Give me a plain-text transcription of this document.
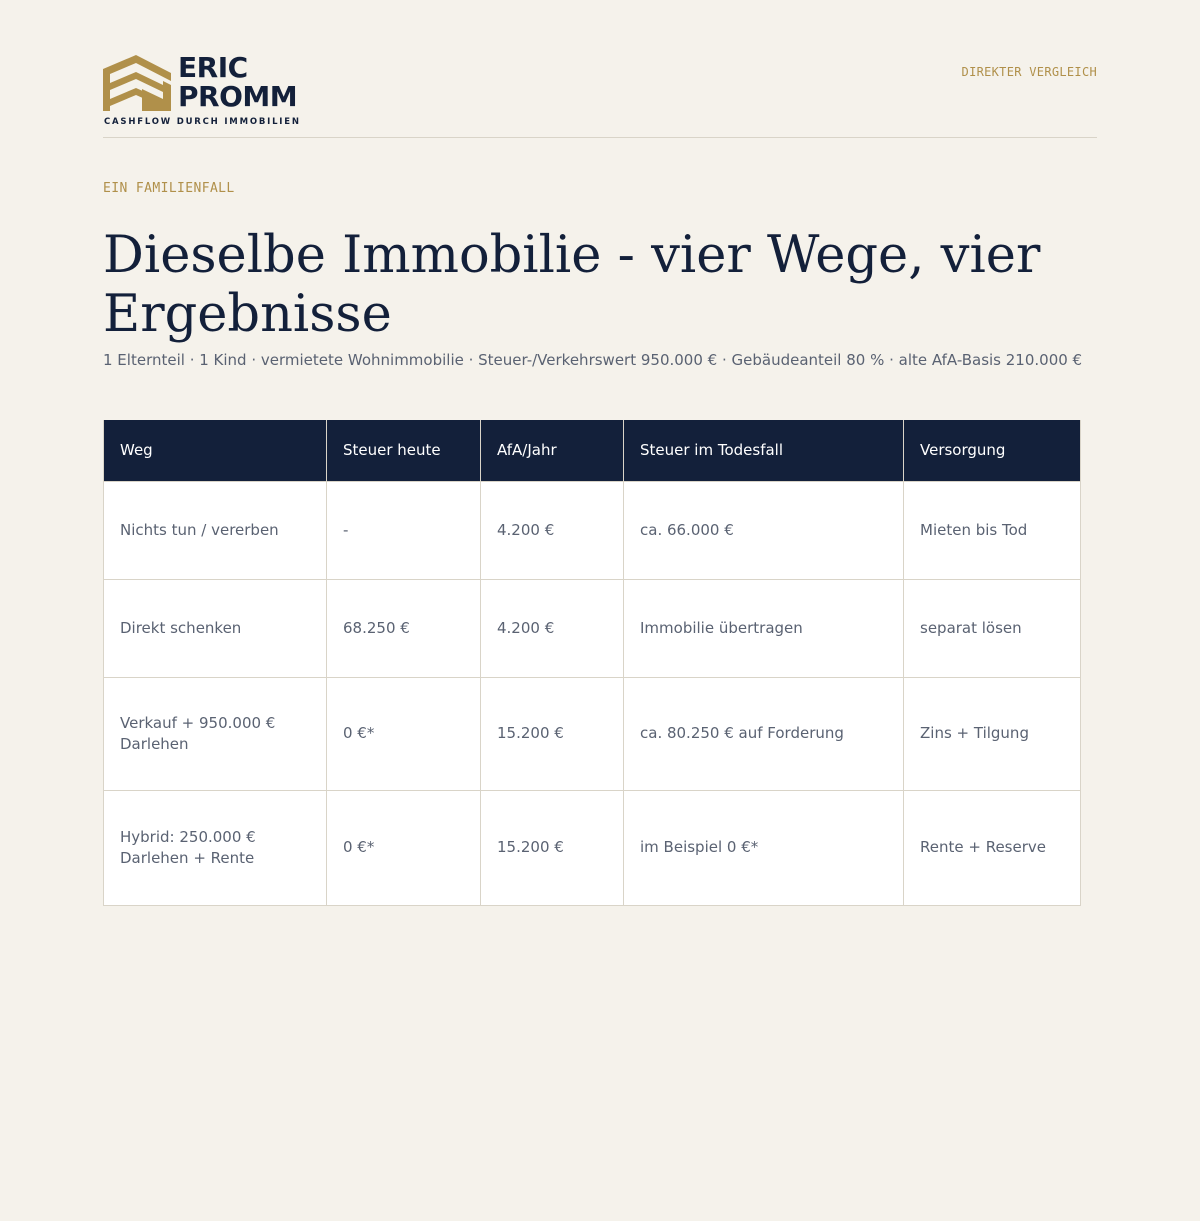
ERIC
PROMM
CASHFLOW DURCH IMMOBILIEN
DIREKTER VERGLEICH
EIN FAMILIENFALL
Dieselbe Immobilie - vier Wege, vier Ergebnisse

1 Elternteil · 1 Kind · vermietete Wohnimmobilie · Steuer-/Verkehrswert 950.000 € · Gebäudeanteil 80 % · alte AfA-Basis 210.000 €

Weg	Steuer heute	AfA/Jahr	Steuer im Todesfall	Versorgung
Nichts tun / vererben	-	4.200 €	ca. 66.000 €	Mieten bis Tod
Direkt schenken	68.250 €	4.200 €	Immobilie übertragen	separat lösen
Verkauf + 950.000 € Darlehen	0 €*	15.200 €	ca. 80.250 € auf Forderung	Zins + Tilgung
Hybrid: 250.000 € Darlehen + Rente	0 €*	15.200 €	im Beispiel 0 €*	Rente + Reserve
